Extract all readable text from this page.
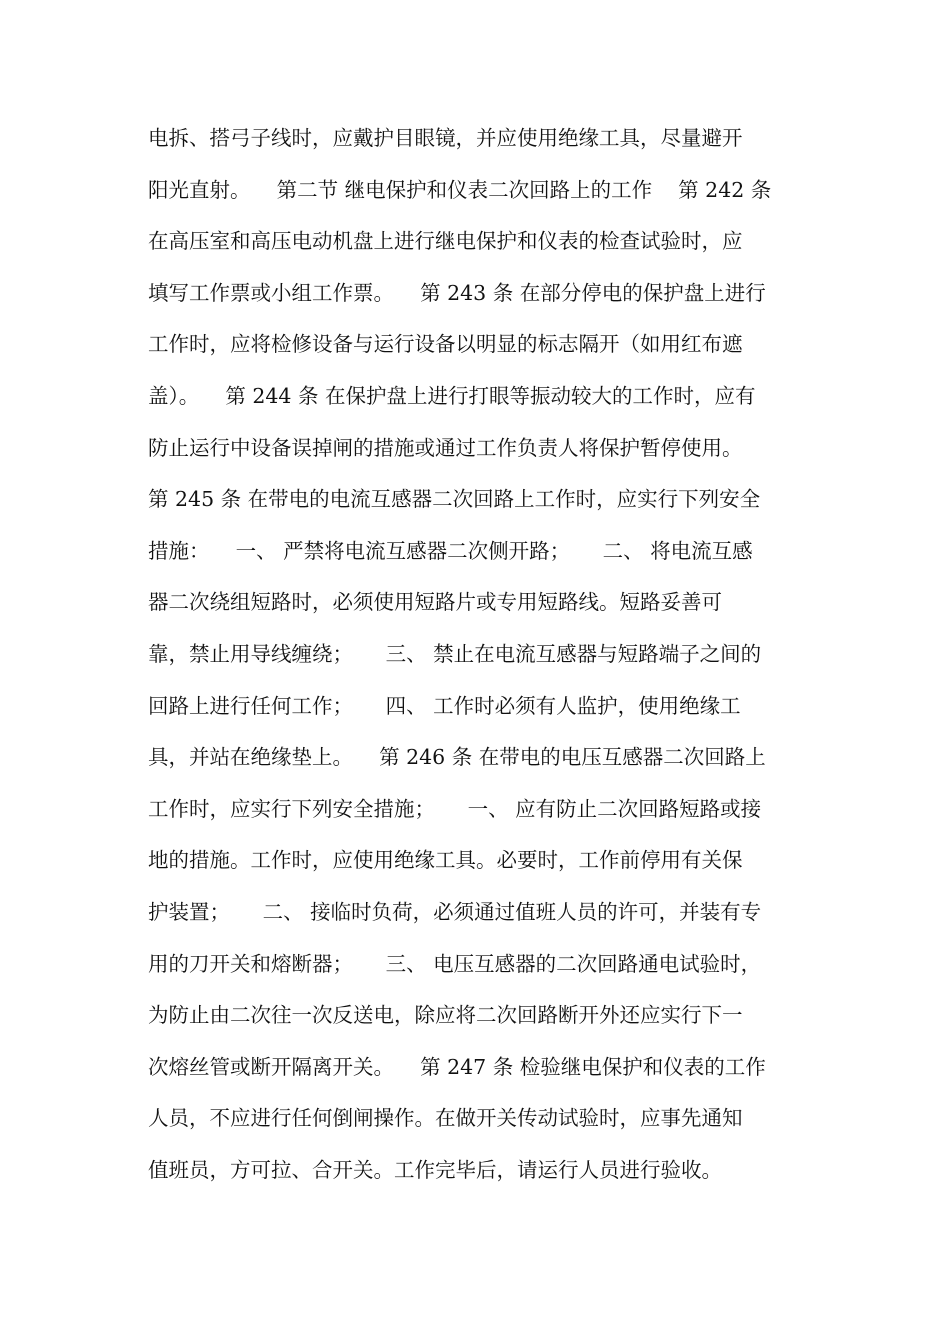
电拆、搭弓子线时，应戴护目眼镜，并应使用绝缘工具，尽量避开
阳光直射。    第二节 继电保护和仪表二次回路上的工作    第 242 条
在高压室和高压电动机盘上进行继电保护和仪表的检查试验时，应
填写工作票或小组工作票。    第 243 条 在部分停电的保护盘上进行
工作时，应将检修设备与运行设备以明显的标志隔开（如用红布遮
盖）。    第 244 条 在保护盘上进行打眼等振动较大的工作时，应有
防止运行中设备误掉闸的措施或通过工作负责人将保护暂停使用。
第 245 条 在带电的电流互感器二次回路上工作时，应实行下列安全
措施：    一、 严禁将电流互感器二次侧开路；     二、 将电流互感
器二次绕组短路时，必须使用短路片或专用短路线。短路妥善可
靠，禁止用导线缠绕；     三、 禁止在电流互感器与短路端子之间的
回路上进行任何工作；     四、 工作时必须有人监护，使用绝缘工
具，并站在绝缘垫上。    第 246 条 在带电的电压互感器二次回路上
工作时，应实行下列安全措施；     一、 应有防止二次回路短路或接
地的措施。工作时，应使用绝缘工具。必要时，工作前停用有关保
护装置；     二、 接临时负荷，必须通过值班人员的许可，并装有专
用的刀开关和熔断器；     三、 电压互感器的二次回路通电试验时，
为防止由二次往一次反送电，除应将二次回路断开外还应实行下一
次熔丝管或断开隔离开关。    第 247 条 检验继电保护和仪表的工作
人员，不应进行任何倒闸操作。在做开关传动试验时，应事先通知
值班员，方可拉、合开关。工作完毕后，请运行人员进行验收。
